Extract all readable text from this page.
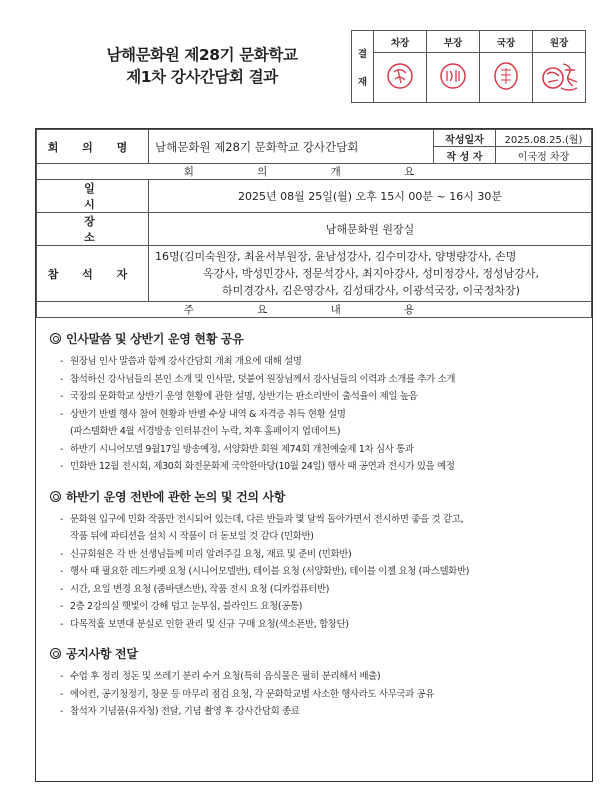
남해문화원 제28기 문화학교
제1차 강사간담회 결과
결
재	차장	부장	국장	원장

회 의 명	남해문화원 제28기 문화학교 강사간담회	작성일자	2025.08.25.(월)
		작 성 자	이국정 차장
회 의 개 요			
일 시	2025년 08월 25일(월) 오후 15시 00분 ~ 16시 30분		
장 소	남해문화원 원장실		
참 석 자	16명(김미숙원장, 최윤서부원장, 윤남성강사, 김수미강사, 양병량강사, 손명
옥강사, 박성민강사, 정문석강사, 최지아강사, 성미정강사, 정성남강사,
하미경강사, 김은영강사, 김성태강사, 이광석국장, 이국정차장)		

주 요 내 용			
인사말씀 및 상반기 운영 현황 공유
- 원장님 인사 말씀과 함께 강사간담회 개최 개요에 대해 설명
- 참석하신 강사님들의 본인 소개 및 인사말, 덧붙여 원장님께서 강사님들의 이력과 소개를 추가 소개
- 국장의 문화학교 상반기 운영 현황에 관한 설명, 상반기는 판소리반이 출석율이 제일 높음
- 상반기 반별 행사 참여 현황과 반별 수상 내역 & 자격증 취득 현황 설명
(파스텔화반 4월 서경방송 인터뷰건이 누락, 차후 홈페이지 업데이트)
- 하반기 시니어모델 9월17일 방송예정, 서양화반 회원 제74회 개천예술제 1차 심사 통과
- 민화반 12월 전시회, 제30회 화전문화제 국악한마당(10월 24일) 행사 때 공연과 전시가 있을 예정
하반기 운영 전반에 관한 논의 및 건의 사항
- 문화원 입구에 민화 작품만 전시되어 있는데, 다른 반들과 몇 달씩 돌아가면서 전시하면 좋을 것 같고,
작품 뒤에 파티션을 설치 시 작품이 더 돋보일 것 같다 (민화반)
- 신규회원은 각 반 선생님들께 미리 알려주길 요청, 재료 및 준비 (민화반)
- 행사 때 필요한 레드카펫 요청 (시니어모델반), 테이블 요청 (서양화반), 테이블 이젤 요청 (파스텔화반)
- 시간, 요일 변경 요청 (줌바댄스반), 작품 전시 요청 (디카컴퓨터반)
- 2층 2강의실 햇빛이 강해 덥고 눈부심, 블라인드 요청(공통)
- 다목적홀 보면대 분실로 인한 관리 및 신규 구매 요청(색소폰반, 합창단)
공지사항 전달
- 수업 후 정리 정돈 및 쓰레기 분리 수거 요청(특히 음식물은 필히 분리해서 배출)
- 에어컨, 공기청정기, 창문 등 마무리 점검 요청, 각 문화학교별 사소한 행사라도 사무국과 공유
- 참석자 기념품(유자청) 전달, 기념 촬영 후 강사간담회 종료
